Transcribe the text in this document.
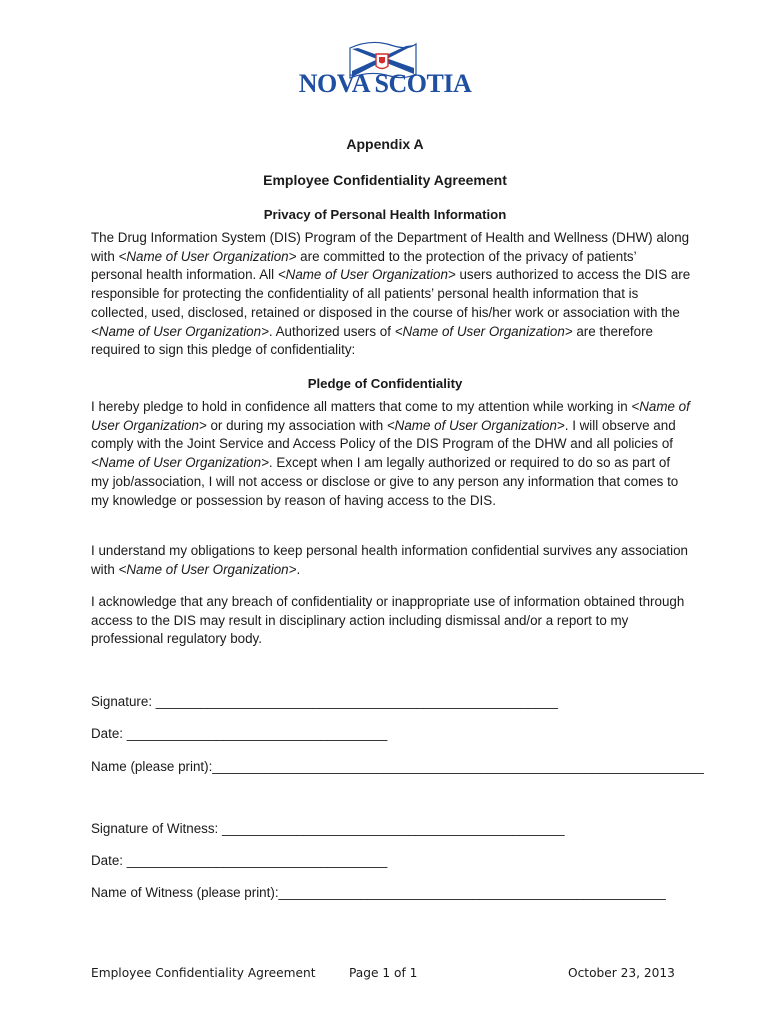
NOVA SCOTIA
Appendix A
Employee Confidentiality Agreement
Privacy of Personal Health Information

The Drug Information System (DIS) Program of the Department of Health and Wellness (DHW) along with <Name of User Organization> are committed to the protection of the privacy of patients’ personal health information. All <Name of User Organization> users authorized to access the DIS are responsible for protecting the confidentiality of all patients’ personal health information that is collected, used, disclosed, retained or disposed in the course of his/her work or association with the <Name of User Organization>. Authorized users of <Name of User Organization> are therefore required to sign this pledge of confidentiality:

Pledge of Confidentiality

I hereby pledge to hold in confidence all matters that come to my attention while working in <Name of User Organization> or during my association with <Name of User Organization>. I will observe and comply with the Joint Service and Access Policy of the DIS Program of the DHW and all policies of <Name of User Organization>. Except when I am legally authorized or required to do so as part of my job/association, I will not access or disclose or give to any person any information that comes to my knowledge or possession by reason of having access to the DIS.

I understand my obligations to keep personal health information confidential survives any association with <Name of User Organization>.

I acknowledge that any breach of confidentiality or inappropriate use of information obtained through access to the DIS may result in disciplinary action including dismissal and/or a report to my professional regulatory body.

Signature: ______________________________________________________
Date: ___________________________________
Name (please print):__________________________________________________________________
Signature of Witness: ______________________________________________
Date: ___________________________________
Name of Witness (please print):____________________________________________________
Employee Confidentiality Agreement	Page 1 of 1	October 23, 2013
